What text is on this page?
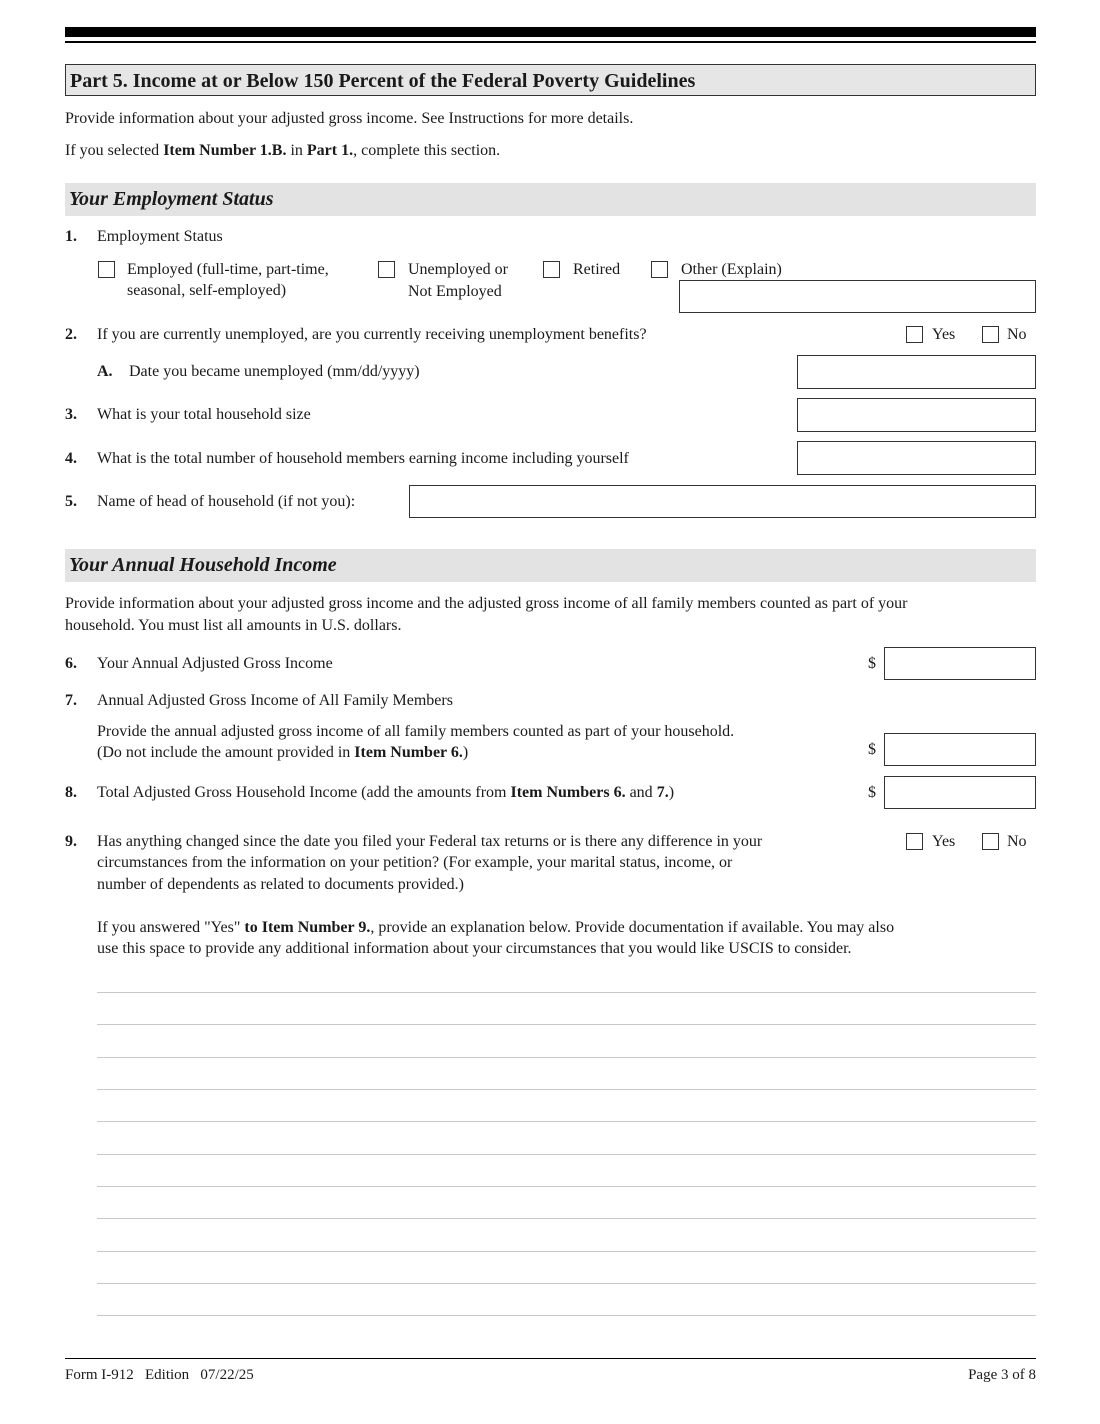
Part 5. Income at or Below 150 Percent of the Federal Poverty Guidelines
Provide information about your adjusted gross income. See Instructions for more details.
If you selected Item Number 1.B. in Part 1., complete this section.
Your Employment Status
1. Employment Status
Employed (full-time, part-time,
seasonal, self-employed)
Unemployed or
Not Employed
Retired	Other (Explain)
2. If you are currently unemployed, are you currently receiving unemployment benefits?	Yes	No
A. Date you became unemployed (mm/dd/yyyy)
3. What is your total household size
4. What is the total number of household members earning income including yourself
5. Name of head of household (if not you):
Your Annual Household Income
Provide information about your adjusted gross income and the adjusted gross income of all family members counted as part of your
household. You must list all amounts in U.S. dollars.
6. Your Annual Adjusted Gross Income	$
7. Annual Adjusted Gross Income of All Family Members
Provide the annual adjusted gross income of all family members counted as part of your household.
(Do not include the amount provided in Item Number 6.)	$
8. Total Adjusted Gross Household Income (add the amounts from Item Numbers 6. and 7.)	$
9. Has anything changed since the date you filed your Federal tax returns or is there any difference in your
circumstances from the information on your petition? (For example, your marital status, income, or
number of dependents as related to documents provided.)
Yes	No
If you answered "Yes" to Item Number 9., provide an explanation below. Provide documentation if available. You may also
use this space to provide any additional information about your circumstances that you would like USCIS to consider.
Form I-912   Edition   07/22/25	Page 3 of 8
